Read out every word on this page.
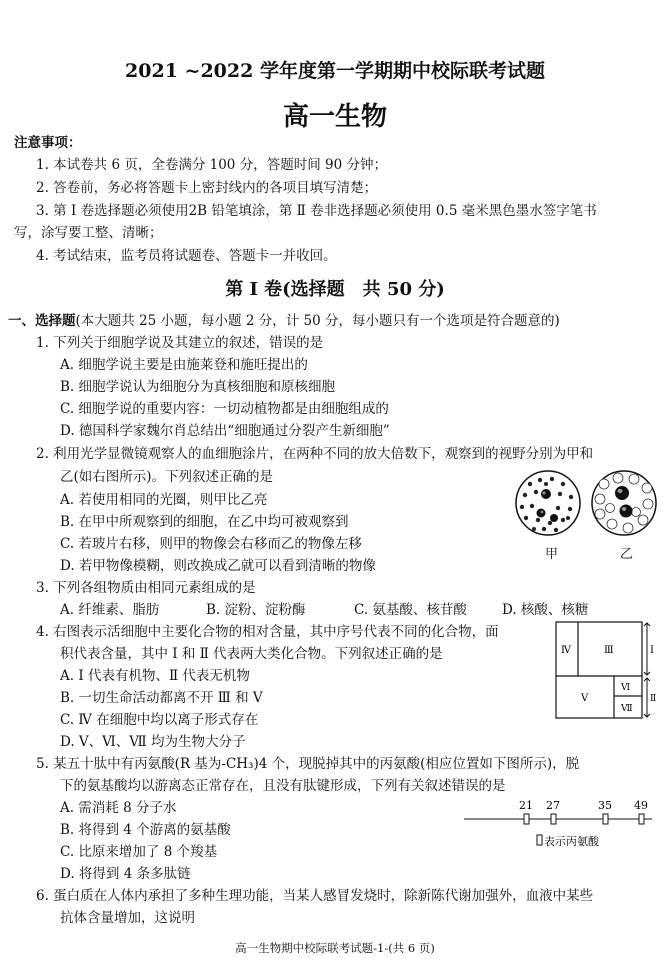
2021 ~2022 学年度第一学期期中校际联考试题
高一生物
注意事项：
1. 本试卷共 6 页，全卷满分 100 分，答题时间 90 分钟；
2. 答卷前，务必将答题卡上密封线内的各项目填写清楚；
3. 第 Ⅰ 卷选择题必须使用2B 铅笔填涂，第 Ⅱ 卷非选择题必须使用 0.5 毫米黑色墨水签字笔书
写，涂写要工整、清晰；
4. 考试结束，监考员将试题卷、答题卡一并收回。
第 Ⅰ 卷(选择题　共 50 分)
一、选择题(本大题共 25 小题，每小题 2 分，计 50 分，每小题只有一个选项是符合题意的)
1. 下列关于细胞学说及其建立的叙述，错误的是
A. 细胞学说主要是由施莱登和施旺提出的
B. 细胞学说认为细胞分为真核细胞和原核细胞
C. 细胞学说的重要内容：一切动植物都是由细胞组成的
D. 德国科学家魏尔肖总结出“细胞通过分裂产生新细胞”
2. 利用光学显微镜观察人的血细胞涂片，在两种不同的放大倍数下，观察到的视野分别为甲和
乙(如右图所示)。下列叙述正确的是
A. 若使用相同的光圈，则甲比乙亮
B. 在甲中所观察到的细胞，在乙中均可被观察到
C. 若玻片右移，则甲的物像会右移而乙的物像左移
D. 若甲物像模糊，则改换成乙就可以看到清晰的物像
甲	乙
3. 下列各组物质由相同元素组成的是
A. 纤维素、脂肪	B. 淀粉、淀粉酶	C. 氨基酸、核苷酸	D. 核酸、核糖
4. 右图表示活细胞中主要化合物的相对含量，其中序号代表不同的化合物，面
积代表含量，其中 Ⅰ 和 Ⅱ 代表两大类化合物。下列叙述正确的是
A. Ⅰ 代表有机物、Ⅱ 代表无机物
B. 一切生命活动都离不开 Ⅲ 和 Ⅴ
C. Ⅳ 在细胞中均以离子形式存在
D. Ⅴ、Ⅵ、Ⅶ 均为生物大分子
Ⅳ	Ⅲ
Ⅴ
Ⅵ
Ⅶ
Ⅰ
Ⅱ
5. 某五十肽中有丙氨酸(R 基为-CH₃)4 个，现脱掉其中的丙氨酸(相应位置如下图所示)，脱
下的氨基酸均以游离态正常存在，且没有肽键形成，下列有关叙述错误的是
A. 需消耗 8 分子水
B. 将得到 4 个游离的氨基酸
C. 比原来增加了 8 个羧基
D. 将得到 4 条多肽链
21 27	35 49
表示丙氨酸
6. 蛋白质在人体内承担了多种生理功能，当某人感冒发烧时，除新陈代谢加强外，血液中某些
抗体含量增加，这说明
高一生物期中校际联考试题-1-(共 6 页)
